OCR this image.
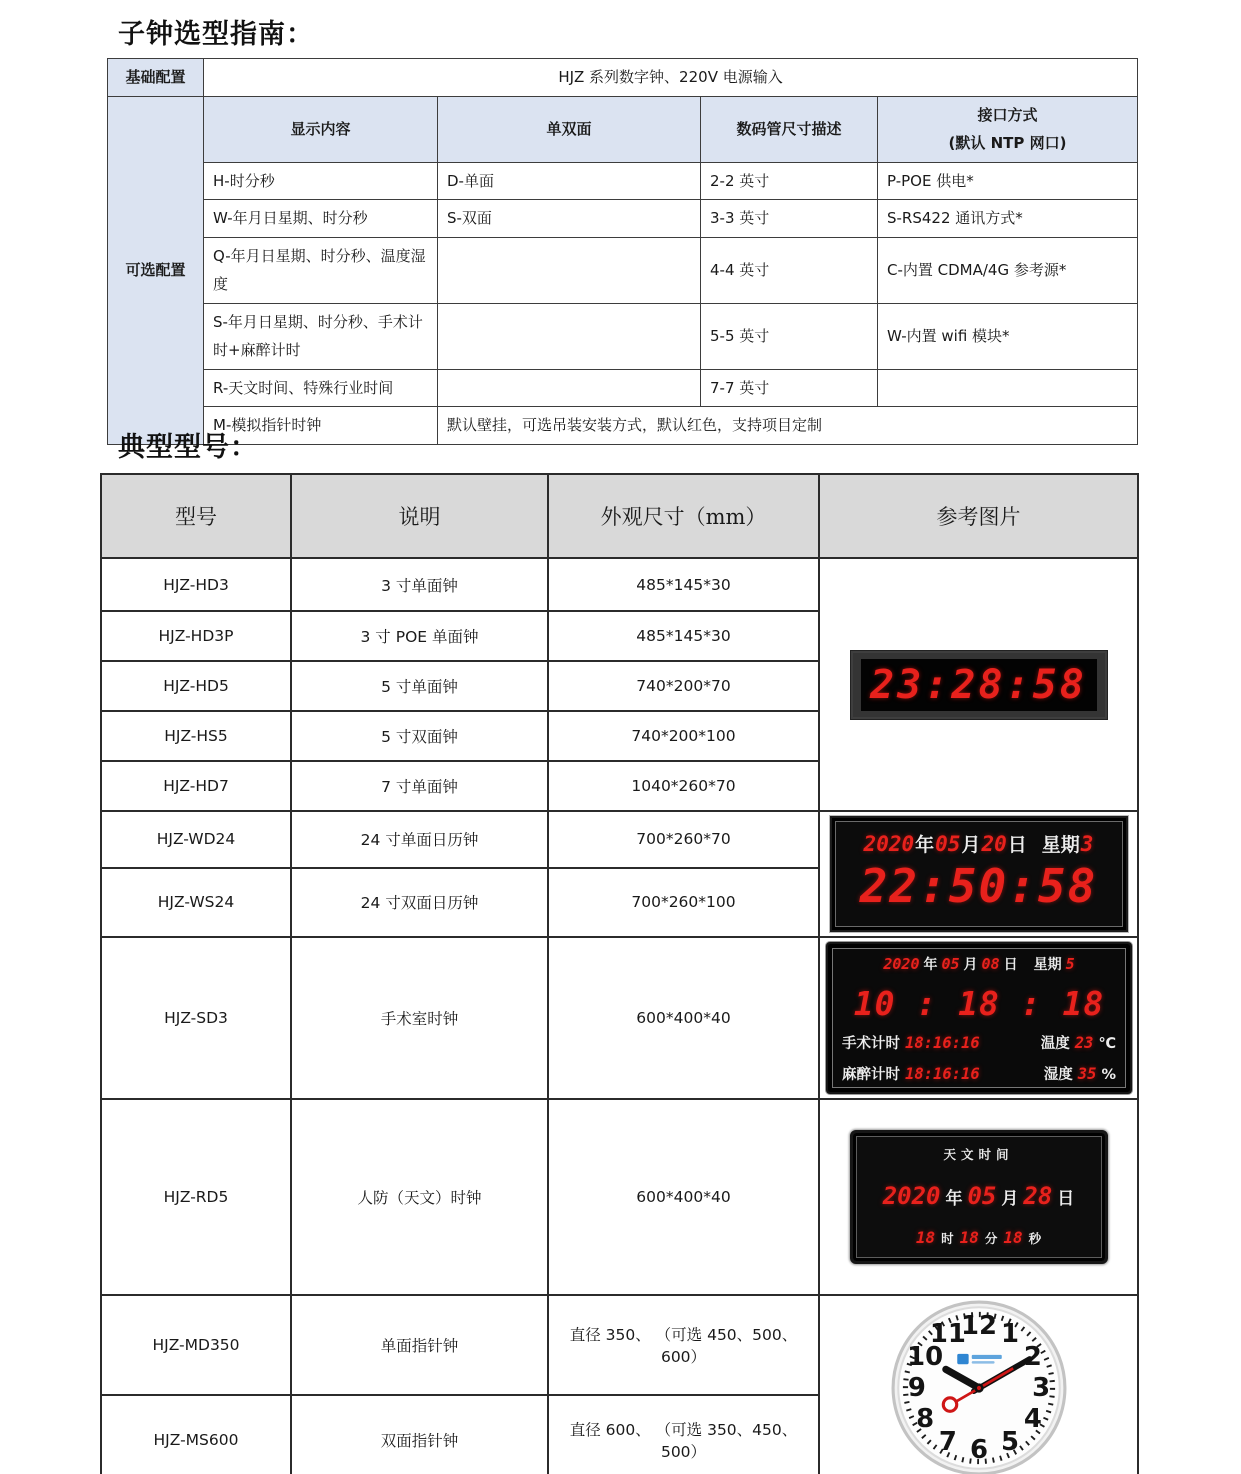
子钟选型指南：
基础配置	HJZ 系列数字钟、220V 电源输入			
可选配置	显示内容	单双面	数码管尺寸描述	接口方式
(默认 NTP 网口)

	H-时分秒	D-单面	2-2 英寸	P-POE 供电*
	W-年月日星期、时分秒	S-双面	3-3 英寸	S-RS422 通讯方式*
	Q-年月日星期、时分秒、温度湿度		4-4 英寸	C-内置 CDMA/4G 参考源*
	S-年月日星期、时分秒、手术计时+麻醉计时		5-5 英寸	W-内置 wifi 模块*
	R-天文时间、特殊行业时间		7-7 英寸	
	M-模拟指针时钟	默认壁挂，可选吊装安装方式，默认红色，支持项目定制		
典型型号：
型号	说明	外观尺寸（mm）	参考图片
HJZ-HD3	3 寸单面钟	485*145*30	23:28:58

HJZ-HD3P	3 寸 POE 单面钟	485*145*30	
HJZ-HD5	5 寸单面钟	740*200*70	
HJZ-HS5	5 寸双面钟	740*200*100	
HJZ-HD7	7 寸单面钟	1040*260*70	
HJZ-WD24	24 寸单面日历钟	700*260*70	2020 年 05 月 20 日 星期 3
22:50:58

HJZ-WS24	24 寸双面日历钟	700*260*100	
HJZ-SD3	手术室时钟	600*400*40	
2020 年 05 月 08 日 星期 5
10 : 18 : 18
手术计时 18:16:16	温度 23 ℃
麻醉计时 18:16:16	湿度 35 %

HJZ-RD5	人防（天文）时钟	600*400*40	
天文时间
2020 年 05 月 28 日
18 时 18 分 18 秒

HJZ-MD350	单面指针钟	直径 350、 （可选 450、500、600）	
1
2
3
4
5
6
7
8
9
10
11
12

HJZ-MS600	双面指针钟	直径 600、 （可选 350、450、500）	
